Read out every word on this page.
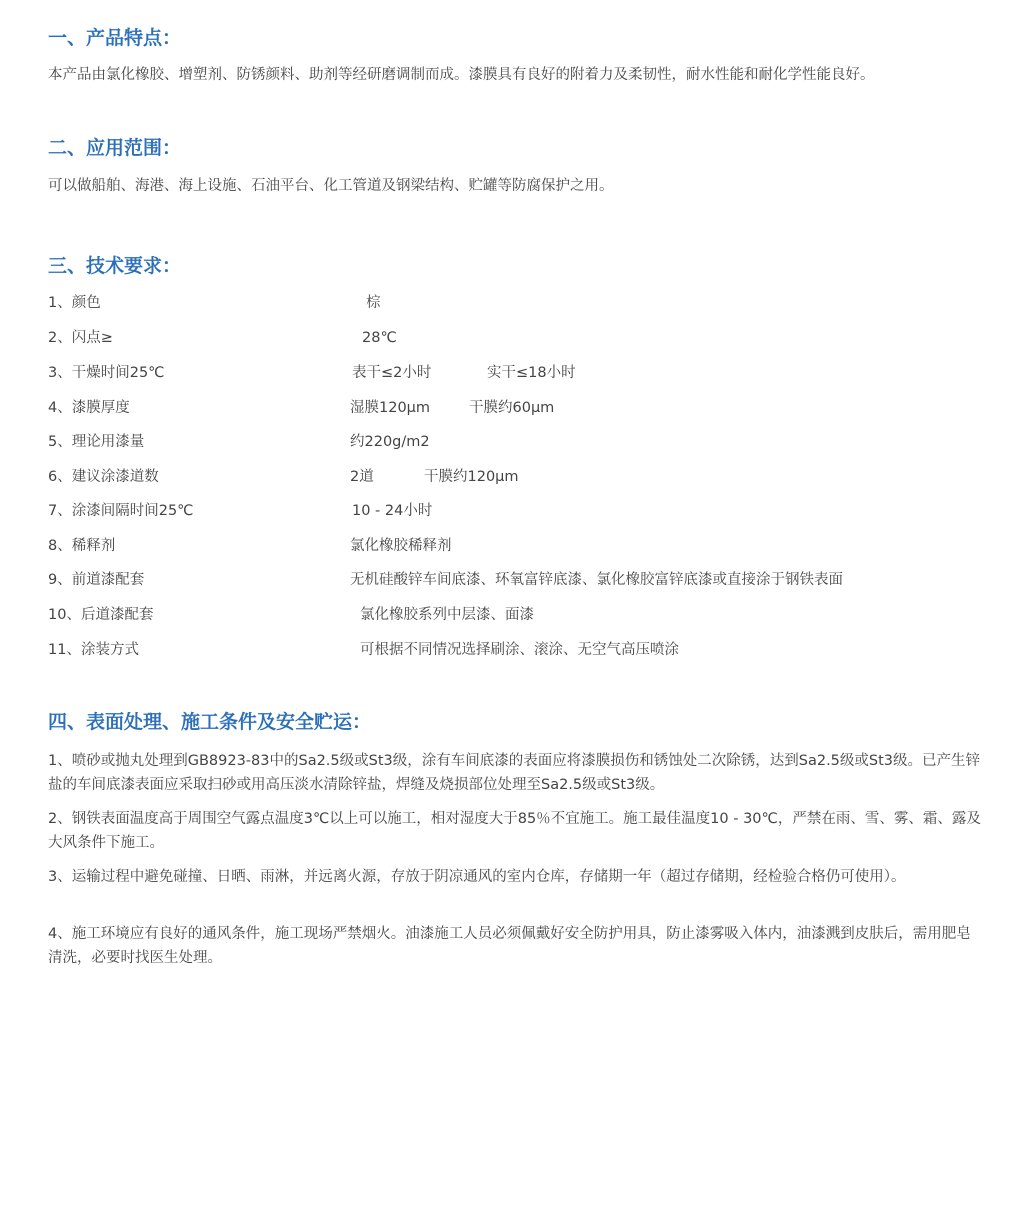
一、产品特点：

本产品由氯化橡胶、增塑剂、防锈颜料、助剂等经研磨调制而成。漆膜具有良好的附着力及柔韧性，耐水性能和耐化学性能良好。

二、应用范围：

可以做船舶、海港、海上设施、石油平台、化工管道及钢梁结构、贮罐等防腐保护之用。

三、技术要求：
1、颜色	棕
2、闪点≥	28℃
3、干燥时间25℃	表干≤2小时	实干≤18小时
4、漆膜厚度	湿膜120μm	干膜约60μm
5、理论用漆量	约220g/m2
6、建议涂漆道数	2道	干膜约120μm
7、涂漆间隔时间25℃	10 - 24小时
8、稀释剂	氯化橡胶稀释剂
9、前道漆配套	无机硅酸锌车间底漆、环氧富锌底漆、氯化橡胶富锌底漆或直接涂于钢铁表面
10、后道漆配套	氯化橡胶系列中层漆、面漆
11、涂装方式	可根据不同情况选择刷涂、滚涂、无空气高压喷涂
四、表面处理、施工条件及安全贮运：

1、喷砂或抛丸处理到GB8923-83中的Sa2.5级或St3级，涂有车间底漆的表面应将漆膜损伤和锈蚀处二次除锈，达到Sa2.5级或St3级。已产生锌盐的车间底漆表面应采取扫砂或用高压淡水清除锌盐，焊缝及烧损部位处理至Sa2.5级或St3级。

2、钢铁表面温度高于周围空气露点温度3℃以上可以施工，相对湿度大于85％不宜施工。施工最佳温度10 - 30℃，严禁在雨、雪、雾、霜、露及大风条件下施工。

3、运输过程中避免碰撞、日晒、雨淋，并远离火源，存放于阴凉通风的室内仓库，存储期一年（超过存储期，经检验合格仍可使用）。

4、施工环境应有良好的通风条件，施工现场严禁烟火。油漆施工人员必须佩戴好安全防护用具，防止漆雾吸入体内，油漆溅到皮肤后，需用肥皂清洗，必要时找医生处理。
